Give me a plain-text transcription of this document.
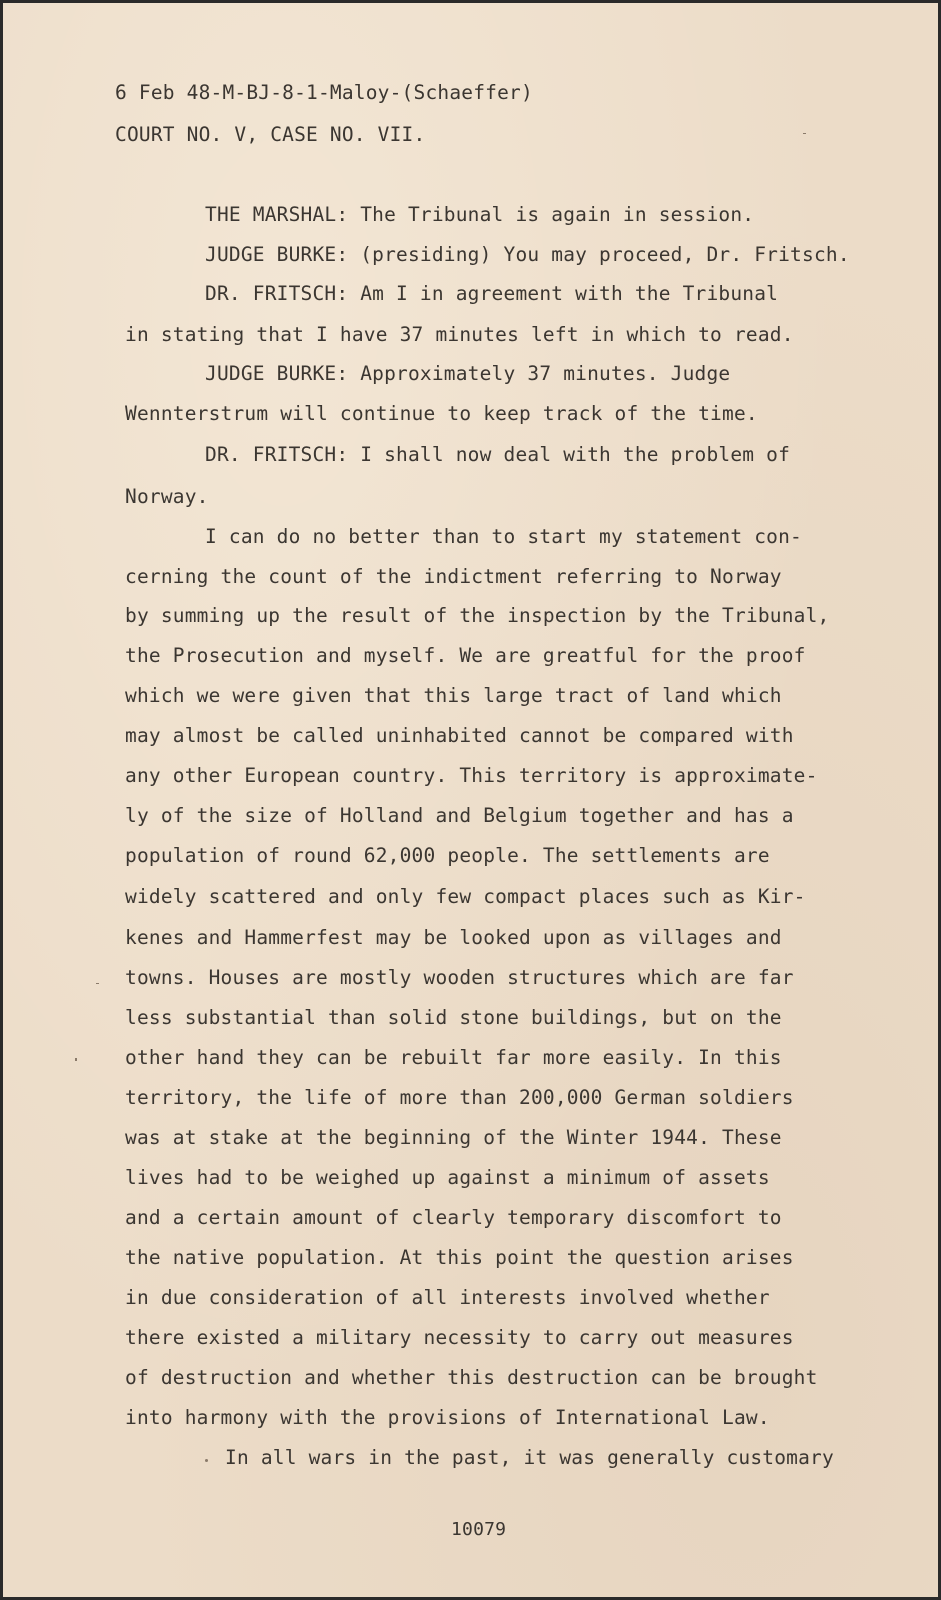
6 Feb 48-M-BJ-8-1-Maloy-(Schaeffer)
COURT NO. V, CASE NO. VII.
THE MARSHAL: The Tribunal is again in session.
JUDGE BURKE: (presiding) You may proceed, Dr. Fritsch.
DR. FRITSCH: Am I in agreement with the Tribunal
in stating that I have 37 minutes left in which to read.
JUDGE BURKE: Approximately 37 minutes. Judge
Wennterstrum will continue to keep track of the time.
DR. FRITSCH: I shall now deal with the problem of
Norway.
I can do no better than to start my statement con-
cerning the count of the indictment referring to Norway
by summing up the result of the inspection by the Tribunal,
the Prosecution and myself. We are greatful for the proof
which we were given that this large tract of land which
may almost be called uninhabited cannot be compared with
any other European country. This territory is approximate-
ly of the size of Holland and Belgium together and has a
population of round 62,000 people. The settlements are
widely scattered and only few compact places such as Kir-
kenes and Hammerfest may be looked upon as villages and
towns. Houses are mostly wooden structures which are far
less substantial than solid stone buildings, but on the
other hand they can be rebuilt far more easily. In this
territory, the life of more than 200,000 German soldiers
was at stake at the beginning of the Winter 1944. These
lives had to be weighed up against a minimum of assets
and a certain amount of clearly temporary discomfort to
the native population. At this point the question arises
in due consideration of all interests involved whether
there existed a military necessity to carry out measures
of destruction and whether this destruction can be brought
into harmony with the provisions of International Law.
In all wars in the past, it was generally customary
10079
